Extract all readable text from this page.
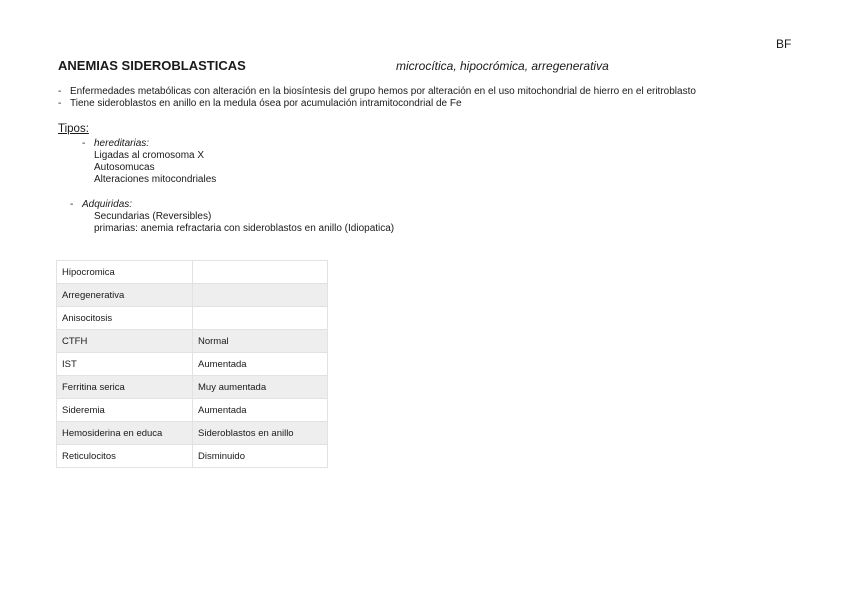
BF
ANEMIAS SIDEROBLASTICAS	microcítica, hipocrómica, arregenerativa
- Enfermedades metabólicas con alteración en la biosíntesis del grupo hemos por alteración en el uso mitochondrial de hierro en el eritroblasto
- Tiene sideroblastos en anillo en la medula ósea por acumulación intramitocondrial de Fe
Tipos:
- hereditarias:
Ligadas al cromosoma X
Autosomucas
Alteraciones mitocondriales
- Adquiridas:
Secundarias (Reversibles)
primarias: anemia refractaria con sideroblastos en anillo (Idiopatica)
Hipocromica	
Arregenerativa	
Anisocitosis	
CTFH	Normal
IST	Aumentada
Ferritina serica	Muy aumentada
Sideremia	Aumentada
Hemosiderina en educa	Sideroblastos en anillo
Reticulocitos	Disminuido
